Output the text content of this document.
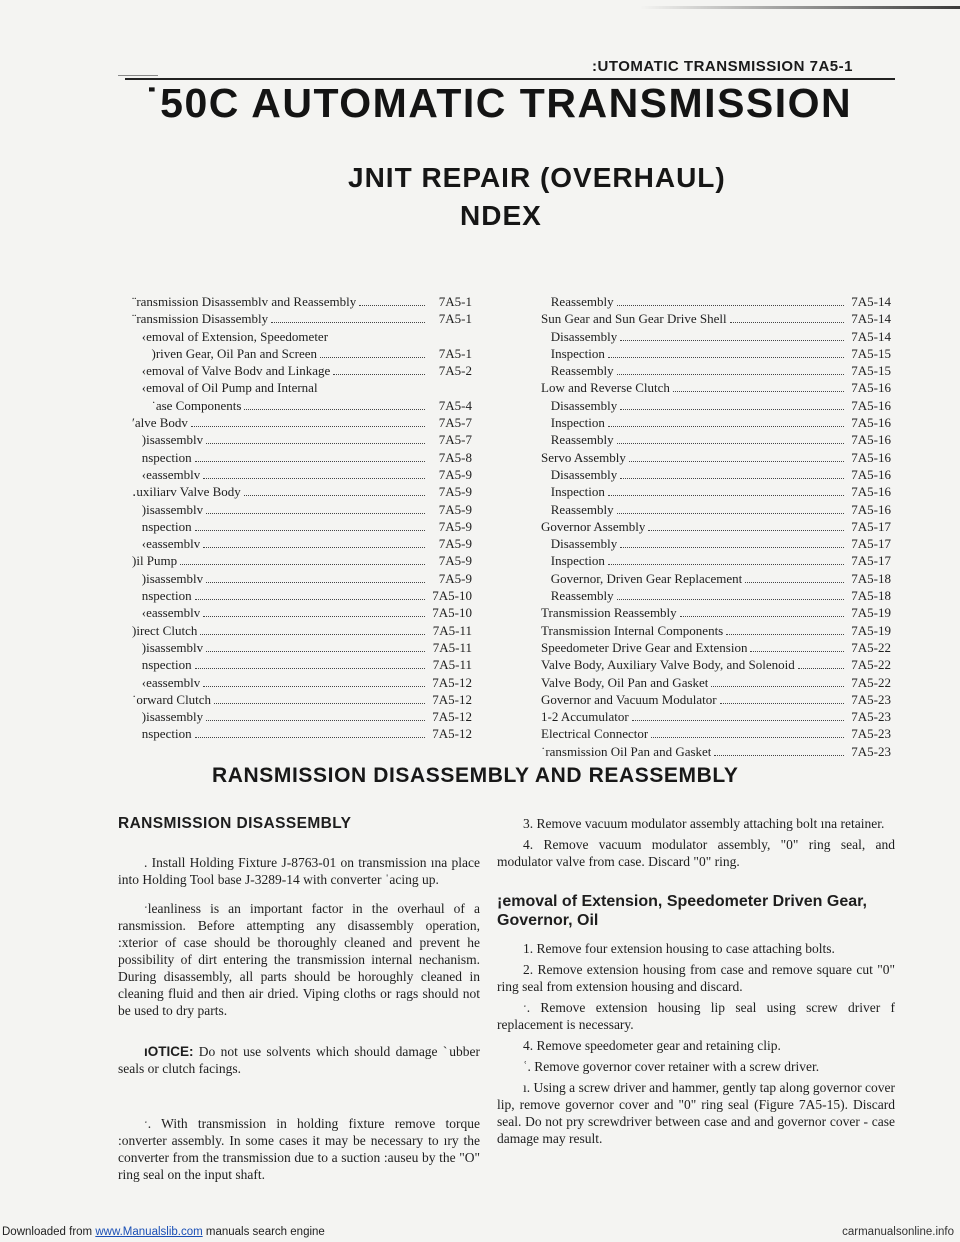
:UTOMATIC TRANSMISSION 7A5-1
˙50C AUTOMATIC TRANSMISSION
JNIT REPAIR (OVERHAUL)
NDEX
¨ransmission Disassemblv and Reassembly	7A5-1
¨ransmission Disassembly	7A5-1
‹emoval of Extension, Speedometer
)riven Gear, Oil Pan and Screen	7A5-1
‹emoval of Valve Bodv and Linkage	7A5-2
‹emoval of Oil Pump and Internal
˙ase Components	7A5-4
ʹalve Bodv	7A5-7
)isassemblv	7A5-7
nspection	7A5-8
‹eassemblv	7A5-9
․uxiliarv Valve Body	7A5-9
)isassemblv	7A5-9
nspection	7A5-9
‹eassemblv	7A5-9
)il Pump	7A5-9
)isassemblv	7A5-9
nspection	7A5-10
‹eassemblv	7A5-10
)irect Clutch	7A5-11
)isassemblv	7A5-11
nspection	7A5-11
‹eassemblv	7A5-12
˙orward Clutch	7A5-12
)isassembly	7A5-12
nspection	7A5-12
Reassembly	7A5-14
Sun Gear and Sun Gear Drive Shell	7A5-14
Disassembly	7A5-14
Inspection	7A5-15
Reassembly	7A5-15
Low and Reverse Clutch	7A5-16
Disassembly	7A5-16
Inspection	7A5-16
Reassembly	7A5-16
Servo Assembly	7A5-16
Disassembly	7A5-16
Inspection	7A5-16
Reassembly	7A5-16
Governor Assembly	7A5-17
Disassembly	7A5-17
Inspection	7A5-17
Governor, Driven Gear Replacement	7A5-18
Reassembly	7A5-18
Transmission Reassembly	7A5-19
Transmission Internal Components	7A5-19
Speedometer Drive Gear and Extension	7A5-22
Valve Body, Auxiliary Valve Body, and Solenoid	7A5-22
Valve Body, Oil Pan and Gasket	7A5-22
Governor and Vacuum Modulator	7A5-23
1-2 Accumulator	7A5-23
Electrical Connector	7A5-23
˙ransmission Oil Pan and Gasket	7A5-23
RANSMISSION DISASSEMBLY AND REASSEMBLY
RANSMISSION DISASSEMBLY

. Install Holding Fixture J-8763-01 on transmission ına place into Holding Tool base J-3289-14 with converter ˈacing up.

ˑleanliness is an important factor in the overhaul of a ransmission. Before attempting any disassembly operation, :xterior of case should be thoroughly cleaned and prevent he possibility of dirt entering the transmission internal nechanism. During disassembly, all parts should be horoughly cleaned in cleaning fluid and then air dried. Viping cloths or rags should not be used to dry parts.

ıOTICE: Do not use solvents which should damage ˋubber seals or clutch facings.

ˑ. With transmission in holding fixture remove torque :onverter assembly. In some cases it may be necessary to ıry the converter from the transmission due to a suction :auseu by the "O" ring seal on the input shaft.

3. Remove vacuum modulator assembly attaching bolt ına retainer.

4. Remove vacuum modulator assembly, "0" ring seal, and modulator valve from case. Discard "0" ring.

¡emoval of Extension, Speedometer Driven Gear, Governor, Oil

1. Remove four extension housing to case attaching bolts.

2. Remove extension housing from case and remove square cut "0" ring seal from extension housing and discard.

ˑ. Remove extension housing lip seal using screw driver f replacement is necessary.

4. Remove speedometer gear and retaining clip.

ʿ. Remove governor cover retainer with a screw driver.

ı. Using a screw driver and hammer, gently tap along governor cover lip, remove governor cover and "0" ring seal (Figure 7A5-15). Discard seal. Do not pry screwdriver between case and and governor cover - case damage may result.

Downloaded from www.Manualslib.com manuals search engine	carmanualsonline.info
